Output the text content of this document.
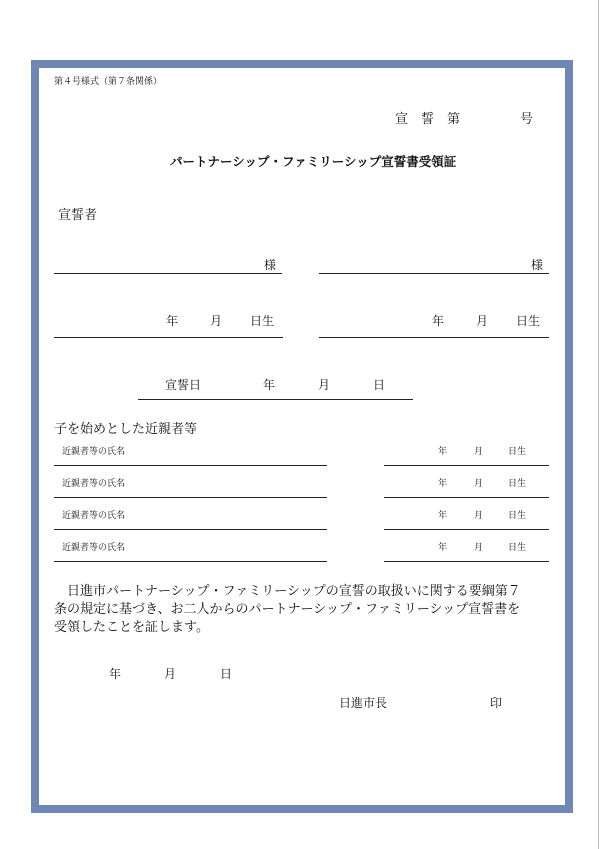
第４号様式（第７条関係）
宣　誓　第	号
パートナーシップ・ファミリーシップ宣誓書受領証
宣誓者
様
年	月 日生
様
年	月 日生
宣誓日	年	月	日
子を始めとした近親者等
近親者等の氏名	年	月	日生
近親者等の氏名	年	月	日生
近親者等の氏名	年	月	日生
近親者等の氏名	年	月	日生
日進市パートナーシップ・ファミリーシップの宣誓の取扱いに関する要綱第７
条の規定に基づき、お二人からのパートナーシップ・ファミリーシップ宣誓書を
受領したことを証します。
年	月	日
日進市長	印
